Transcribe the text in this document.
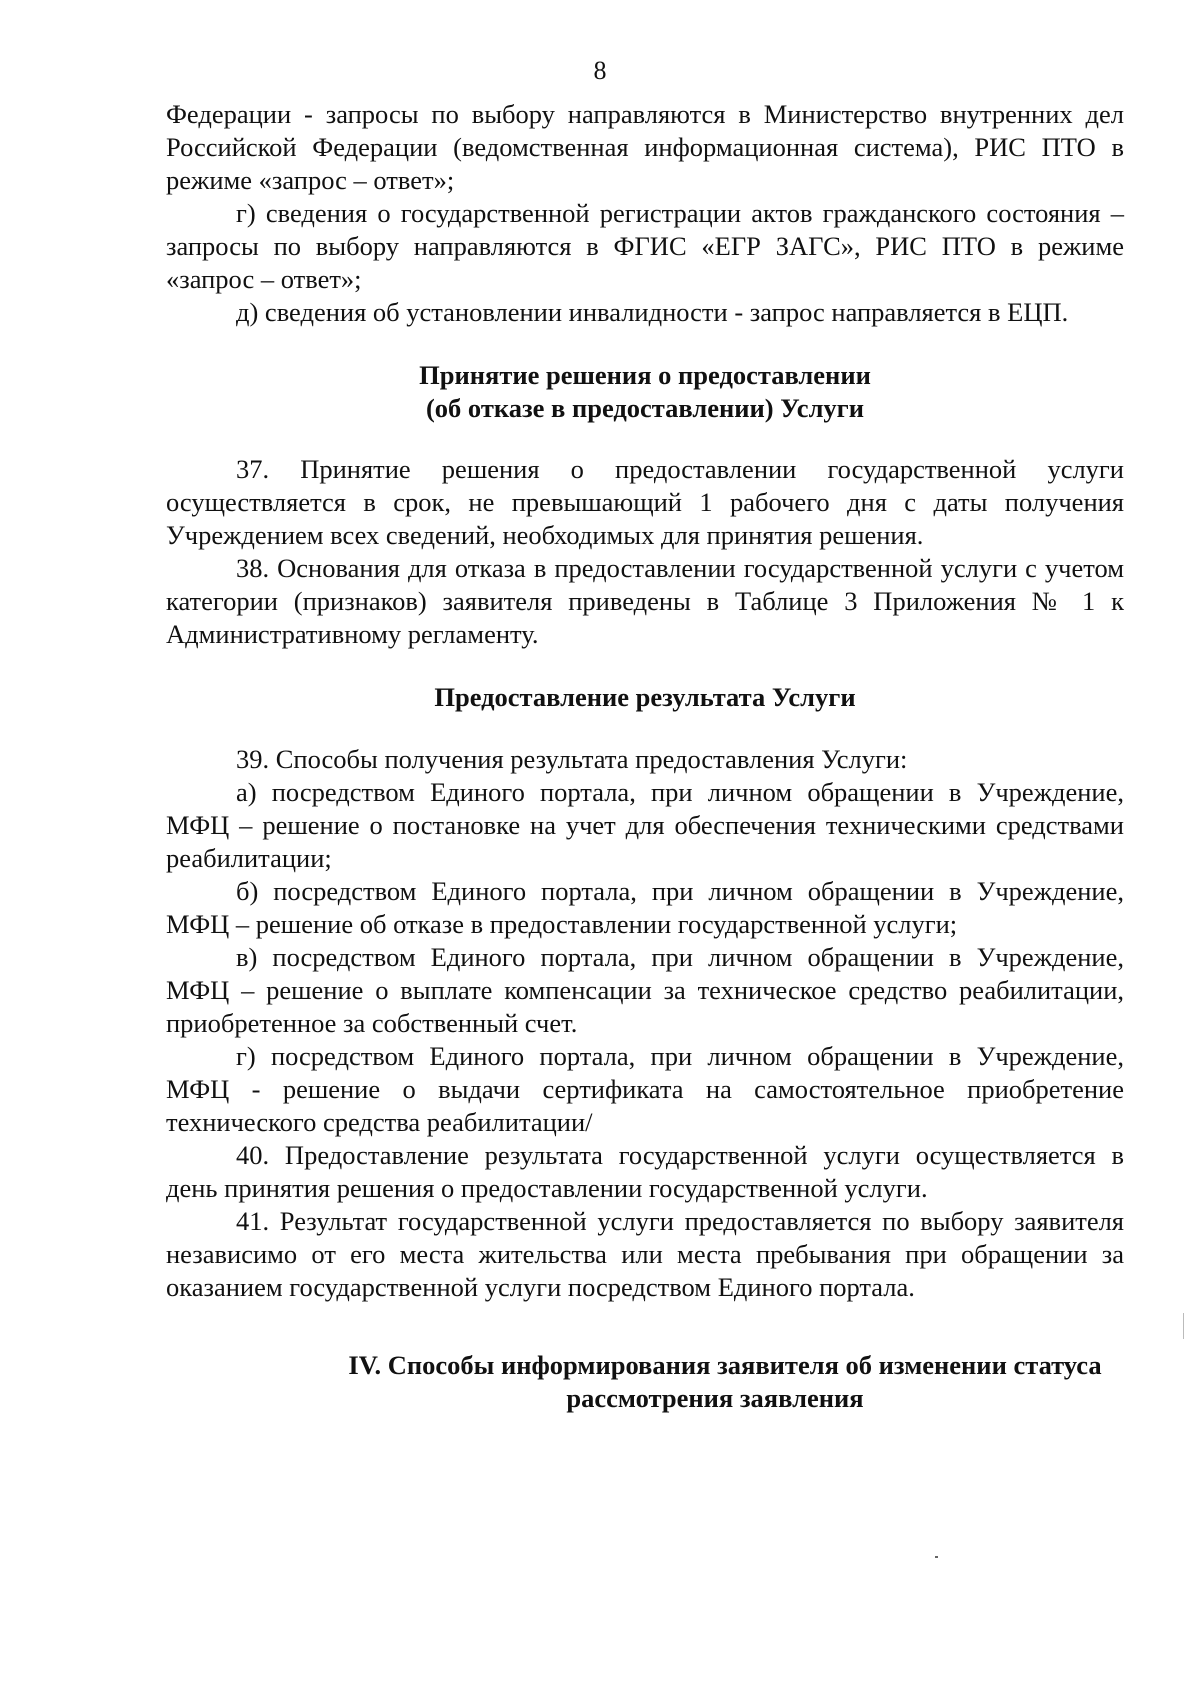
8

Федерации - запросы по выбору направляются в Министерство внутренних дел Российской Федерации (ведомственная информационная система), РИС ПТО в режиме «запрос – ответ»;

г) сведения о государственной регистрации актов гражданского состояния – запросы по выбору направляются в ФГИС «ЕГР ЗАГС», РИС ПТО в режиме «запрос – ответ»;

д) сведения об установлении инвалидности - запрос направляется в ЕЦП.

Принятие решения о предоставлении
(об отказе в предоставлении) Услуги

37. Принятие решения о предоставлении государственной услуги осуществляется в срок, не превышающий 1 рабочего дня с даты получения Учреждением всех сведений, необходимых для принятия решения.

38. Основания для отказа в предоставлении государственной услуги с учетом категории (признаков) заявителя приведены в Таблице 3 Приложения № 1 к Административному регламенту.

Предоставление результата Услуги

39. Способы получения результата предоставления Услуги:

а) посредством Единого портала, при личном обращении в Учреждение, МФЦ – решение о постановке на учет для обеспечения техническими средствами реабилитации;

б) посредством Единого портала, при личном обращении в Учреждение, МФЦ – решение об отказе в предоставлении государственной услуги;

в) посредством Единого портала, при личном обращении в Учреждение, МФЦ – решение о выплате компенсации за техническое средство реабилитации, приобретенное за собственный счет.

г) посредством Единого портала, при личном обращении в Учреждение, МФЦ - решение о выдачи сертификата на самостоятельное приобретение технического средства реабилитации/

40. Предоставление результата государственной услуги осуществляется в день принятия решения о предоставлении государственной услуги.

41. Результат государственной услуги предоставляется по выбору заявителя независимо от его места жительства или места пребывания при обращении за оказанием государственной услуги посредством Единого портала.

IV. Способы информирования заявителя об изменении статуса
рассмотрения заявления
